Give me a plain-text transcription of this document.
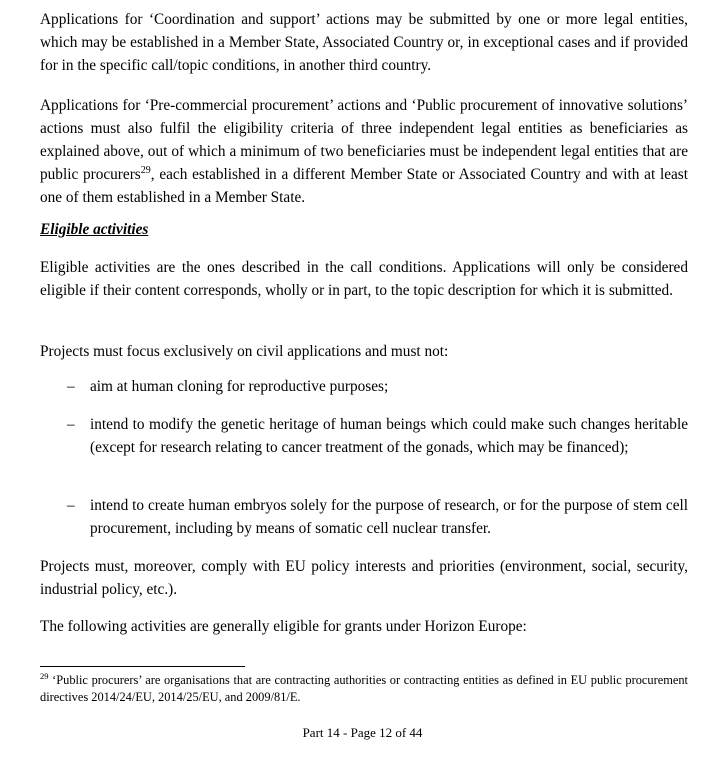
Applications for ‘Coordination and support’ actions may be submitted by one or more legal entities, which may be established in a Member State, Associated Country or, in exceptional cases and if provided for in the specific call/topic conditions, in another third country.

Applications for ‘Pre-commercial procurement’ actions and ‘Public procurement of innovative solutions’ actions must also fulfil the eligibility criteria of three independent legal entities as beneficiaries as explained above, out of which a minimum of two beneficiaries must be independent legal entities that are public procurers$^{29}$, each established in a different Member State or Associated Country and with at least one of them established in a Member State.

Eligible activities

Eligible activities are the ones described in the call conditions. Applications will only be considered eligible if their content corresponds, wholly or in part, to the topic description for which it is submitted.

Projects must focus exclusively on civil applications and must not:

– aim at human cloning for reproductive purposes;

– intend to modify the genetic heritage of human beings which could make such changes heritable (except for research relating to cancer treatment of the gonads, which may be financed);

– intend to create human embryos solely for the purpose of research, or for the purpose of stem cell procurement, including by means of somatic cell nuclear transfer.

Projects must, moreover, comply with EU policy interests and priorities (environment, social, security, industrial policy, etc.).

The following activities are generally eligible for grants under Horizon Europe:

$^{29}$ ‘Public procurers’ are organisations that are contracting authorities or contracting entities as defined in EU public procurement directives 2014/24/EU, 2014/25/EU, and 2009/81/E.

Part 14 - Page 12 of 44
